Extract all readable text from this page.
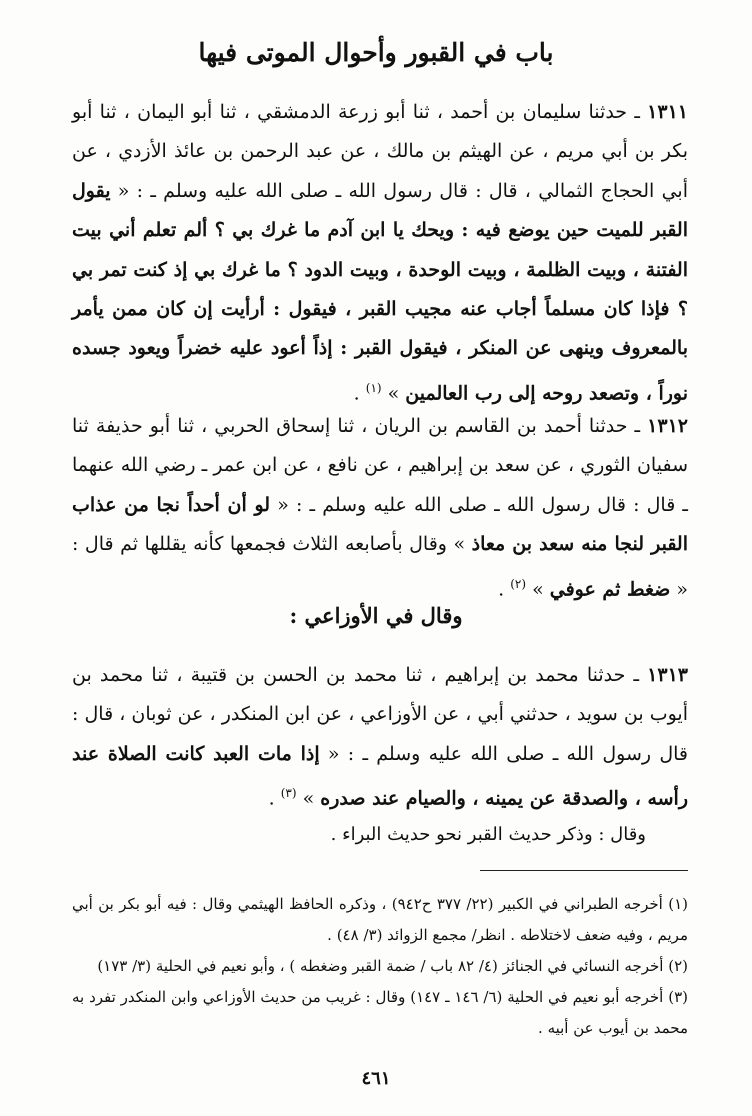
باب في القبور وأحوال الموتى فيها
١٣١١ ـ حدثنا سليمان بن أحمد ، ثنا أبو زرعة الدمشقي ، ثنا أبو اليمان ، ثنا أبو بكر بن أبي مريم ، عن الهيثم بن مالك ، عن عبد الرحمن بن عائذ الأزدي ، عن أبي الحجاج الثمالي ، قال : قال رسول الله ـ صلى الله عليه وسلم ـ : « يقول القبر للميت حين يوضع فيه : ويحك يا ابن آدم ما غرك بي ؟ ألم تعلم أني بيت الفتنة ، وبيت الظلمة ، وبيت الوحدة ، وبيت الدود ؟ ما غرك بي إذ كنت تمر بي ؟ فإذا كان مسلماً أجاب عنه مجيب القبر ، فيقول : أرأيت إن كان ممن يأمر بالمعروف وينهى عن المنكر ، فيقول القبر : إذاً أعود عليه خضراً ويعود جسده نوراً ، وتصعد روحه إلى رب العالمين » $^{(١)}$ .
١٣١٢ ـ حدثنا أحمد بن القاسم بن الريان ، ثنا إسحاق الحربي ، ثنا أبو حذيفة ثنا سفيان الثوري ، عن سعد بن إبراهيم ، عن نافع ، عن ابن عمر ـ رضي الله عنهما ـ قال : قال رسول الله ـ صلى الله عليه وسلم ـ : « لو أن أحداً نجا من عذاب القبر لنجا منه سعد بن معاذ » وقال بأصابعه الثلاث فجمعها كأنه يقللها ثم قال : « ضغط ثم عوفي » $^{(٢)}$ .
وقال في الأوزاعي :
١٣١٣ ـ حدثنا محمد بن إبراهيم ، ثنا محمد بن الحسن بن قتيبة ، ثنا محمد بن أيوب بن سويد ، حدثني أبي ، عن الأوزاعي ، عن ابن المنكدر ، عن ثوبان ، قال : قال رسول الله ـ صلى الله عليه وسلم ـ : « إذا مات العبد كانت الصلاة عند رأسه ، والصدقة عن يمينه ، والصيام عند صدره » $^{(٣)}$ .
وقال : وذكر حديث القبر نحو حديث البراء .

(١) أخرجه الطبراني في الكبير (٢٢/ ٣٧٧ ح٩٤٢) ، وذكره الحافظ الهيثمي وقال : فيه أبو بكر بن أبي مريم ، وفيه ضعف لاختلاطه . انظر/ مجمع الزوائد (٣/ ٤٨) .

(٢) أخرجه النسائي في الجنائز (٤/ ٨٢ باب / ضمة القبر وضغطه ) ، وأبو نعيم في الحلية (٣/ ١٧٣)

(٣) أخرجه أبو نعيم في الحلية (٦/ ١٤٦ ـ ١٤٧) وقال : غريب من حديث الأوزاعي وابن المنكدر تفرد به محمد بن أيوب عن أبيه .

٤٦١
